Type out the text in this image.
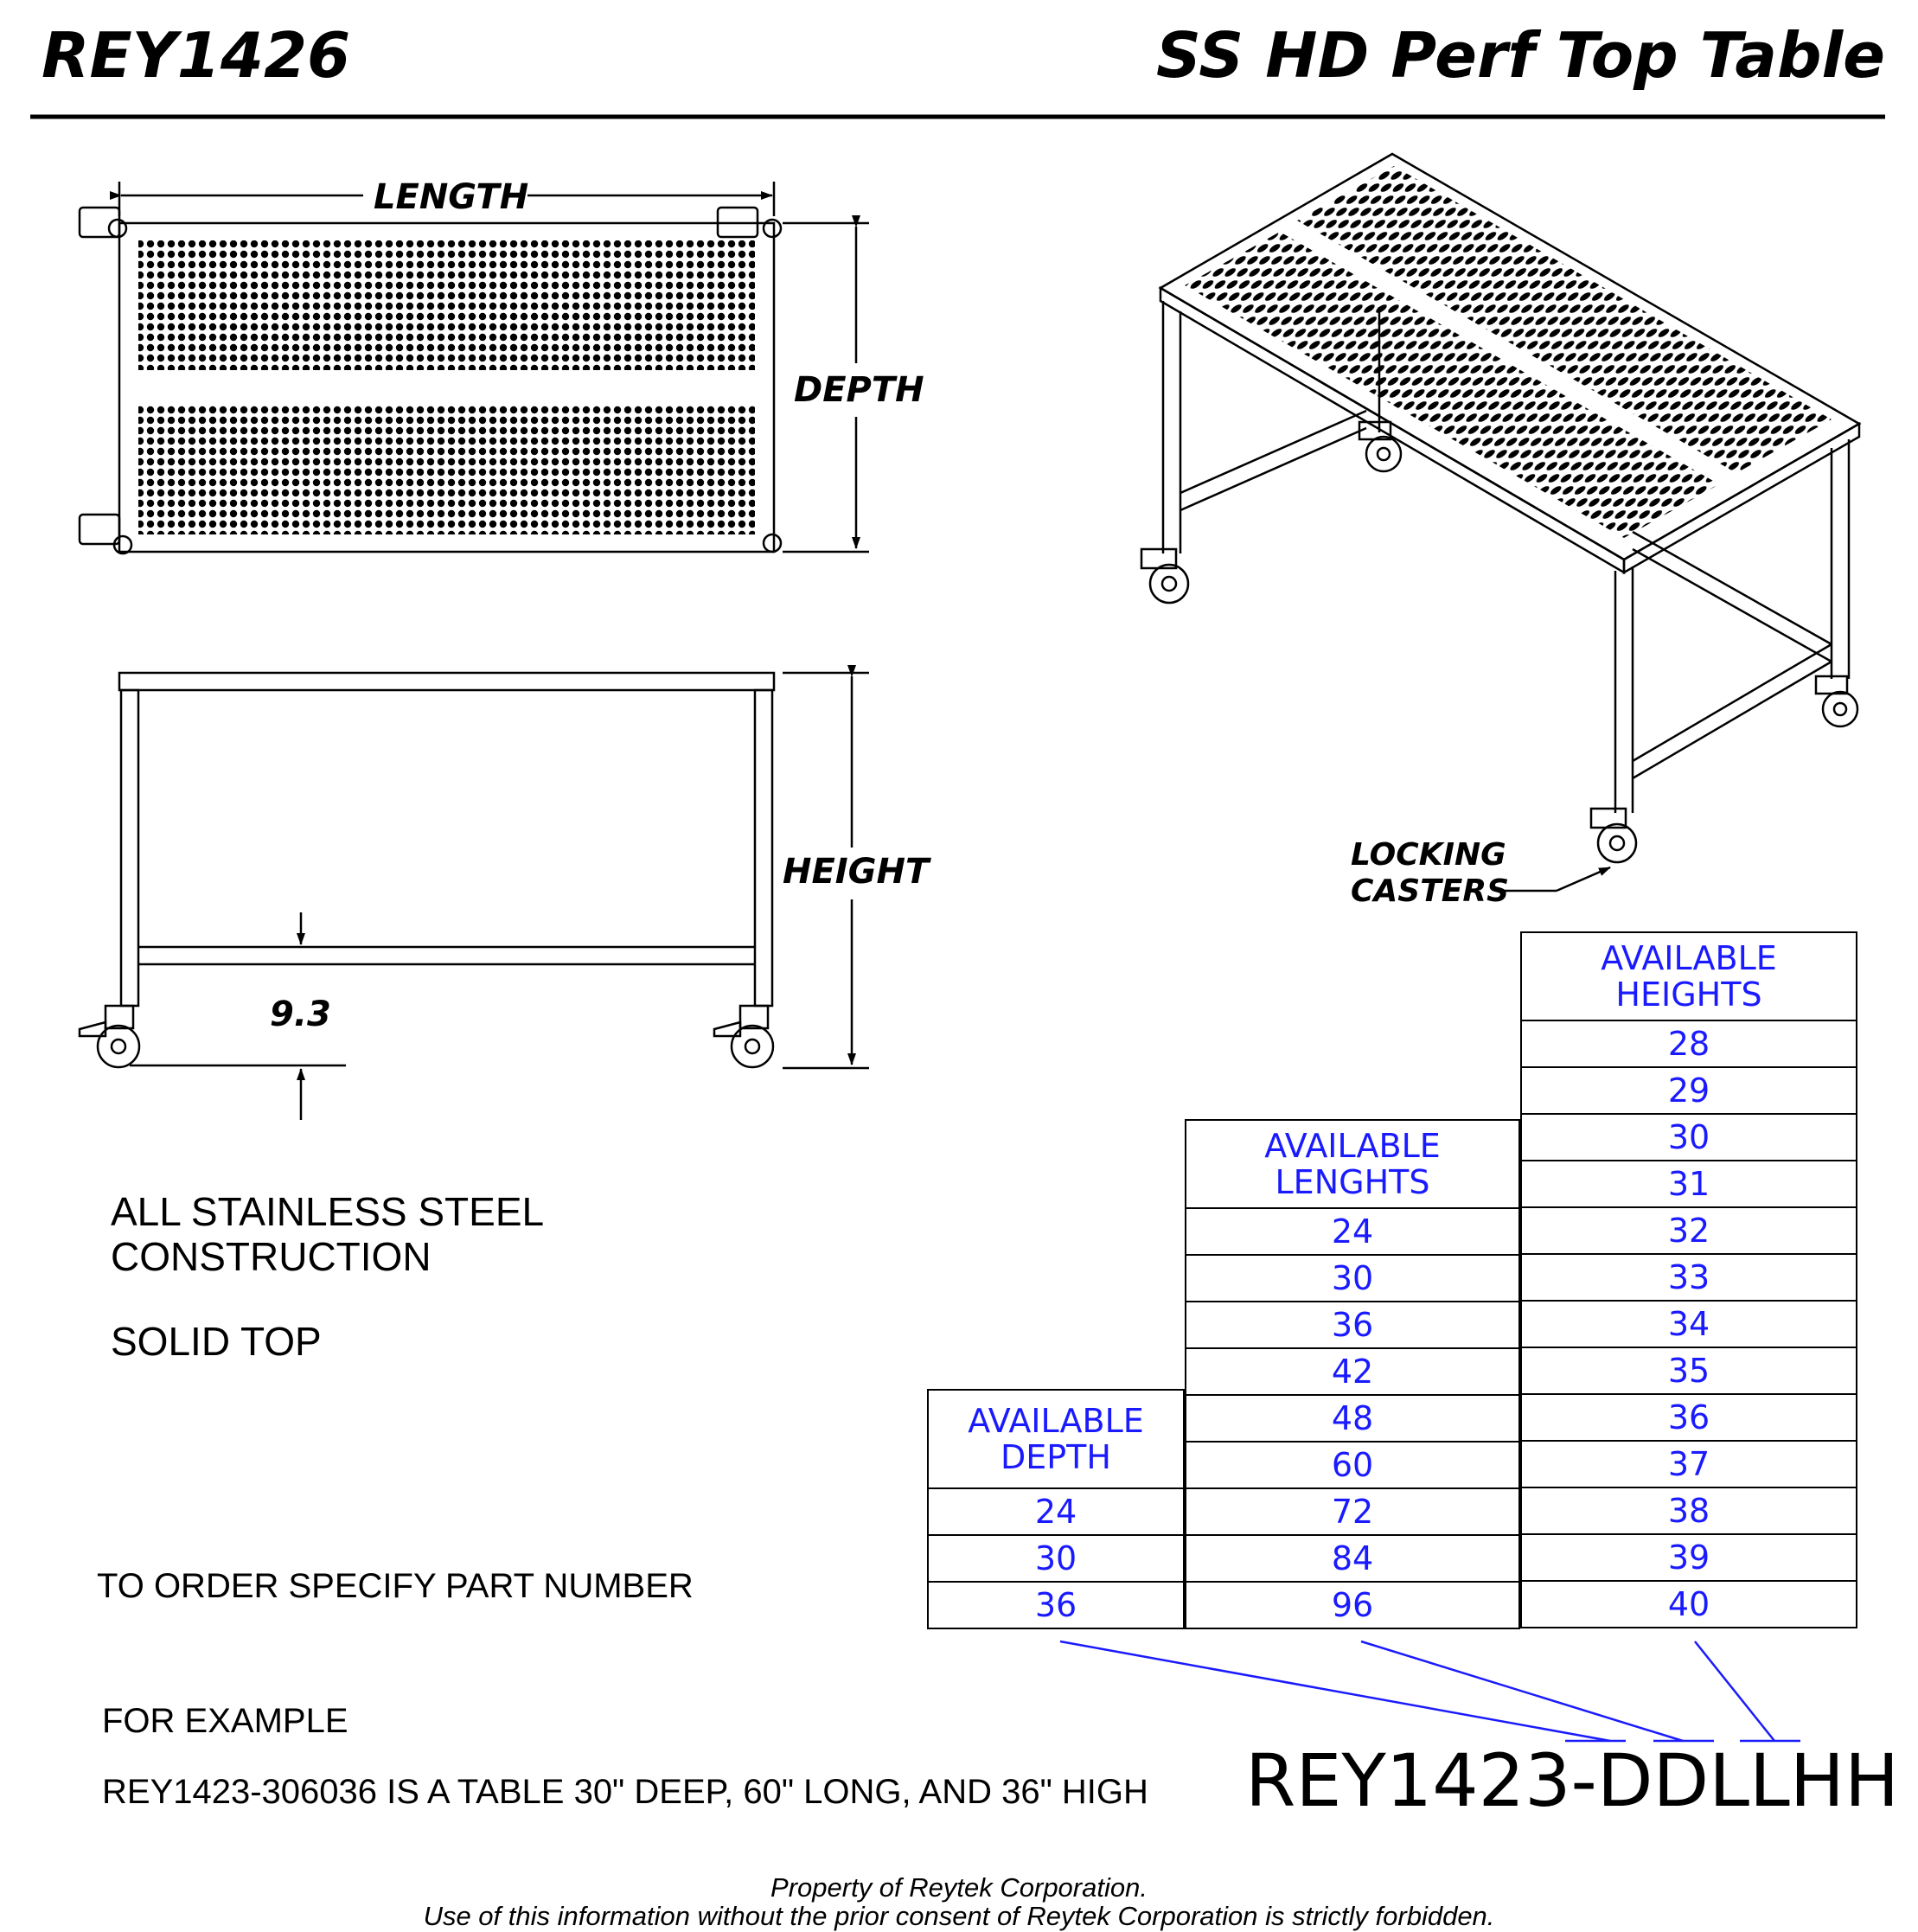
REY1426	SS HD Perf Top Table
LENGTH
DEPTH
HEIGHT
9.3
LOCKING
CASTERS
ALL STAINLESS STEEL
CONSTRUCTION
SOLID TOP
TO ORDER SPECIFY PART NUMBER
FOR EXAMPLE
REY1423-306036 IS A TABLE 30" DEEP, 60" LONG, AND 36" HIGH
AVAILABLE
DEPTH

24
30
36
AVAILABLE
LENGHTS

24
30
36
42
48
60
72
84
96
AVAILABLE
HEIGHTS

28
29
30
31
32
33
34
35
36
37
38
39
40
REY1423-DDLLHH
Property of Reytek Corporation.
Use of this information without the prior consent of Reytek Corporation is strictly forbidden.
